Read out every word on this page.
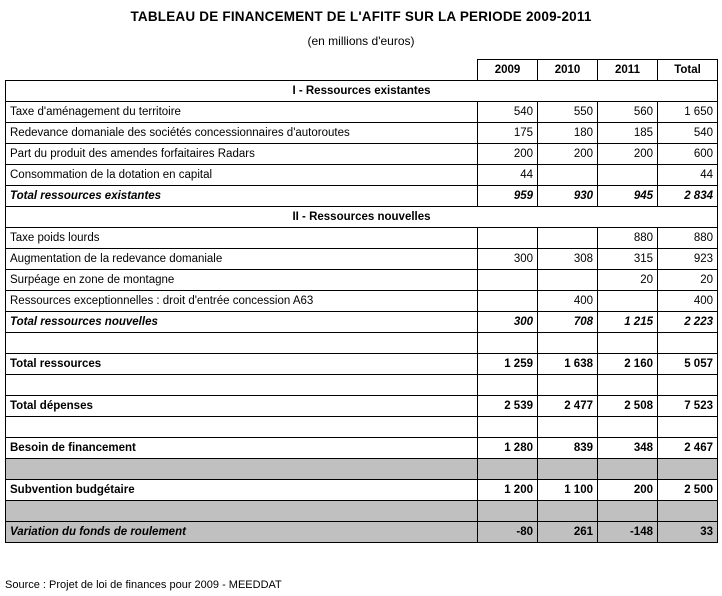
TABLEAU DE FINANCEMENT DE L'AFITF SUR LA PERIODE 2009-2011
(en millions d'euros)
	2009	2010	2011	Total
I - Ressources existantes				
Taxe d'aménagement du territoire	540	550	560	1 650
Redevance domaniale des sociétés concessionnaires d'autoroutes	175	180	185	540
Part du produit des amendes forfaitaires Radars	200	200	200	600
Consommation de la dotation en capital	44			44
Total ressources existantes	959	930	945	2 834
II - Ressources nouvelles				
Taxe poids lourds			880	880
Augmentation de la redevance domaniale	300	308	315	923
Surpéage en zone de montagne			20	20
Ressources exceptionnelles : droit d'entrée concession A63		400		400
Total ressources nouvelles	300	708	1 215	2 223

Total ressources	1 259	1 638	2 160	5 057

Total dépenses	2 539	2 477	2 508	7 523

Besoin de financement	1 280	839	348	2 467

Subvention budgétaire	1 200	1 100	200	2 500

Variation du fonds de roulement	-80	261	-148	33
Source : Projet de loi de finances pour 2009 - MEEDDAT
